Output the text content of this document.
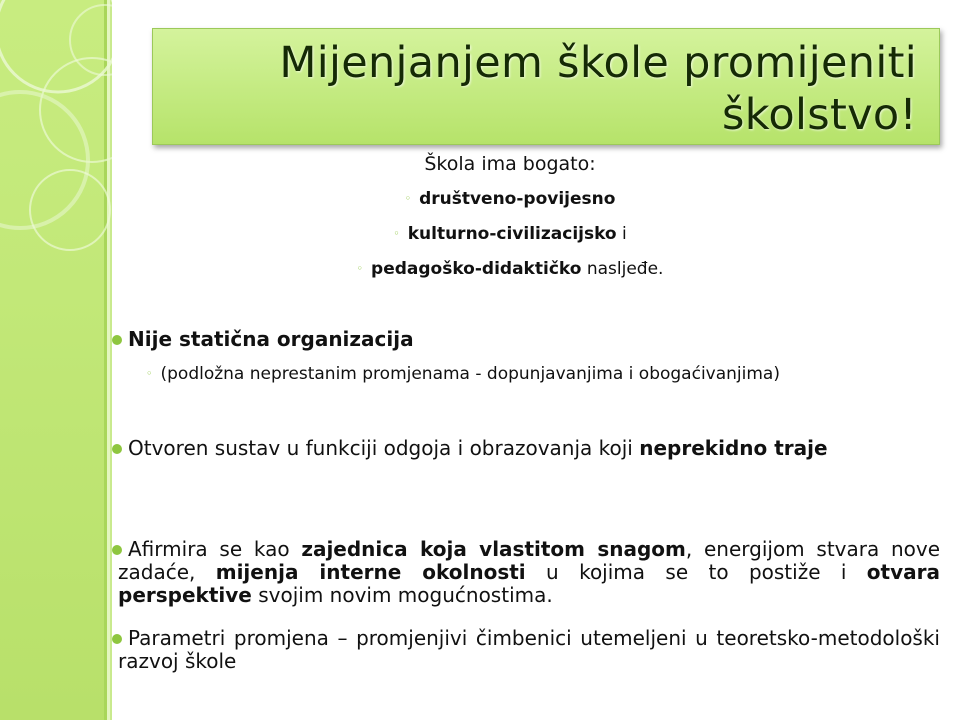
Mijenjanjem škole promijeniti
školstvo!
Škola ima bogato:
◦ društveno-povijesno
◦ kulturno-civilizacijsko i
◦ pedagoško-didaktičko nasljeđe.
Nije statična organizacija
◦ (podložna neprestanim promjenama - dopunjavanjima i obogaćivanjima)
Otvoren sustav u funkciji odgoja i obrazovanja koji neprekidno traje
Afirmira se kao zajednica koja vlastitom snagom, energijom stvara nove zadaće, mijenja interne okolnosti u kojima se to postiže i otvara perspektive svojim novim mogućnostima.
Parametri promjena – promjenjivi čimbenici utemeljeni u teoretsko-metodološki razvoj škole
